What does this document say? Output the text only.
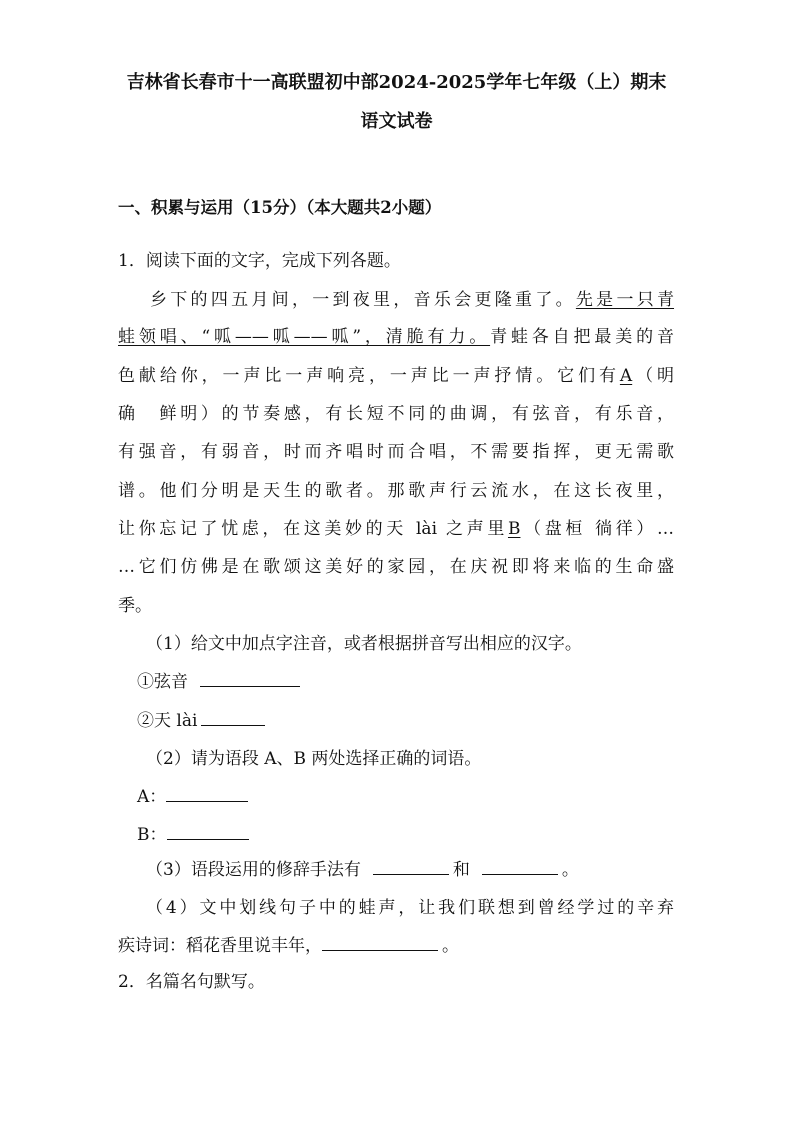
吉林省长春市十一高联盟初中部2024-2025学年七年级（上）期末
语文试卷
一、积累与运用（15分）（本大题共2小题）
1．阅读下面的文字，完成下列各题。
乡下的四五月间，一到夜里，音乐会更隆重了。先是一只青
蛙领唱、“呱——呱——呱”，清脆有力。青蛙各自把最美的音
色献给你，一声比一声响亮，一声比一声抒情。它们有A（明
确　鲜明）的节奏感，有长短不同的曲调，有弦音，有乐音，
有强音，有弱音，时而齐唱时而合唱，不需要指挥，更无需歌
谱。他们分明是天生的歌者。那歌声行云流水，在这长夜里，
让你忘记了忧虑，在这美妙的天 lài 之声里B（盘桓 徜徉）…
…它们仿佛是在歌颂这美好的家园，在庆祝即将来临的生命盛
季。
（1）给文中加点字注音，或者根据拼音写出相应的汉字。
①弦音
②天 lài
（2）请为语段 A、B 两处选择正确的词语。
A：
B：
（3）语段运用的修辞手法有	和	。
（4）文中划线句子中的蛙声，让我们联想到曾经学过的辛弃
疾诗词：稻花香里说丰年，	。
2．名篇名句默写。
